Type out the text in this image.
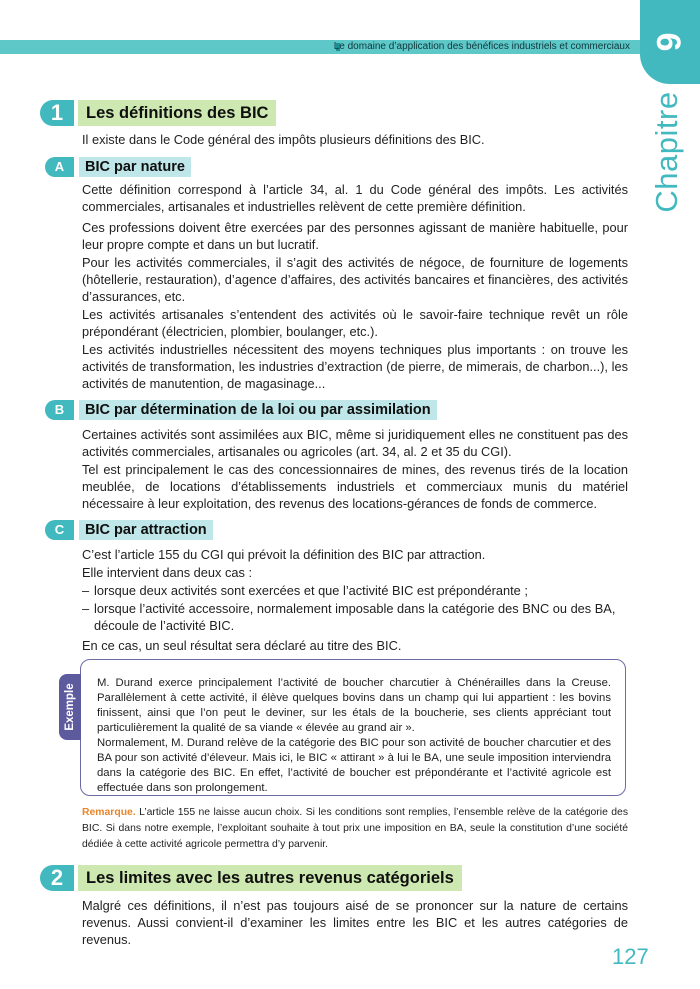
Le domaine d’application des bénéfices industriels et commerciaux 6
Chapitre
1	Les définitions des BIC
Il existe dans le Code général des impôts plusieurs définitions des BIC.
A	BIC par nature
Cette définition correspond à l’article 34, al. 1 du Code général des impôts. Les activités commerciales, artisanales et industrielles relèvent de cette première définition.
Ces professions doivent être exercées par des personnes agissant de manière habituelle, pour leur propre compte et dans un but lucratif.
Pour les activités commerciales, il s’agit des activités de négoce, de fourniture de logements (hôtellerie, restauration), d’agence d’affaires, des activités bancaires et financières, des activités d’assurances, etc.
Les activités artisanales s’entendent des activités où le savoir-faire technique revêt un rôle prépondérant (électricien, plombier, boulanger, etc.).
Les activités industrielles nécessitent des moyens techniques plus importants : on trouve les activités de transformation, les industries d’extraction (de pierre, de mimerais, de charbon...), les activités de manutention, de magasinage...
B	BIC par détermination de la loi ou par assimilation
Certaines activités sont assimilées aux BIC, même si juridiquement elles ne constituent pas des activités commerciales, artisanales ou agricoles (art. 34, al. 2 et 35 du CGI).
Tel est principalement le cas des concessionnaires de mines, des revenus tirés de la location meublée, de locations d’établissements industriels et commerciaux munis du matériel nécessaire à leur exploitation, des revenus des locations-gérances de fonds de commerce.
C	BIC par attraction
C’est l’article 155 du CGI qui prévoit la définition des BIC par attraction.
Elle intervient dans deux cas :
– lorsque deux activités sont exercées et que l’activité BIC est prépondérante ;
– lorsque l’activité accessoire, normalement imposable dans la catégorie des BNC ou des BA, découle de l’activité BIC.
En ce cas, un seul résultat sera déclaré au titre des BIC.
Exemple
M. Durand exerce principalement l’activité de boucher charcutier à Chénérailles dans la Creuse. Parallèlement à cette activité, il élève quelques bovins dans un champ qui lui appartient : les bovins finissent, ainsi que l’on peut le deviner, sur les étals de la boucherie, ses clients appréciant tout particulièrement la qualité de sa viande « élevée au grand air ».
Normalement, M. Durand relève de la catégorie des BIC pour son activité de boucher charcutier et des BA pour son activité d’éleveur. Mais ici, le BIC « attirant » à lui le BA, une seule imposition interviendra dans la catégorie des BIC. En effet, l’activité de boucher est prépondérante et l’activité agricole est effectuée dans son prolongement.
Remarque. L’article 155 ne laisse aucun choix. Si les conditions sont remplies, l’ensemble relève de la catégorie des BIC. Si dans notre exemple, l’exploitant souhaite à tout prix une imposition en BA, seule la constitution d’une société dédiée à cette activité agricole permettra d’y parvenir.
2	Les limites avec les autres revenus catégoriels
Malgré ces définitions, il n’est pas toujours aisé de se prononcer sur la nature de certains revenus. Aussi convient-il d’examiner les limites entre les BIC et les autres catégories de revenus.
127
